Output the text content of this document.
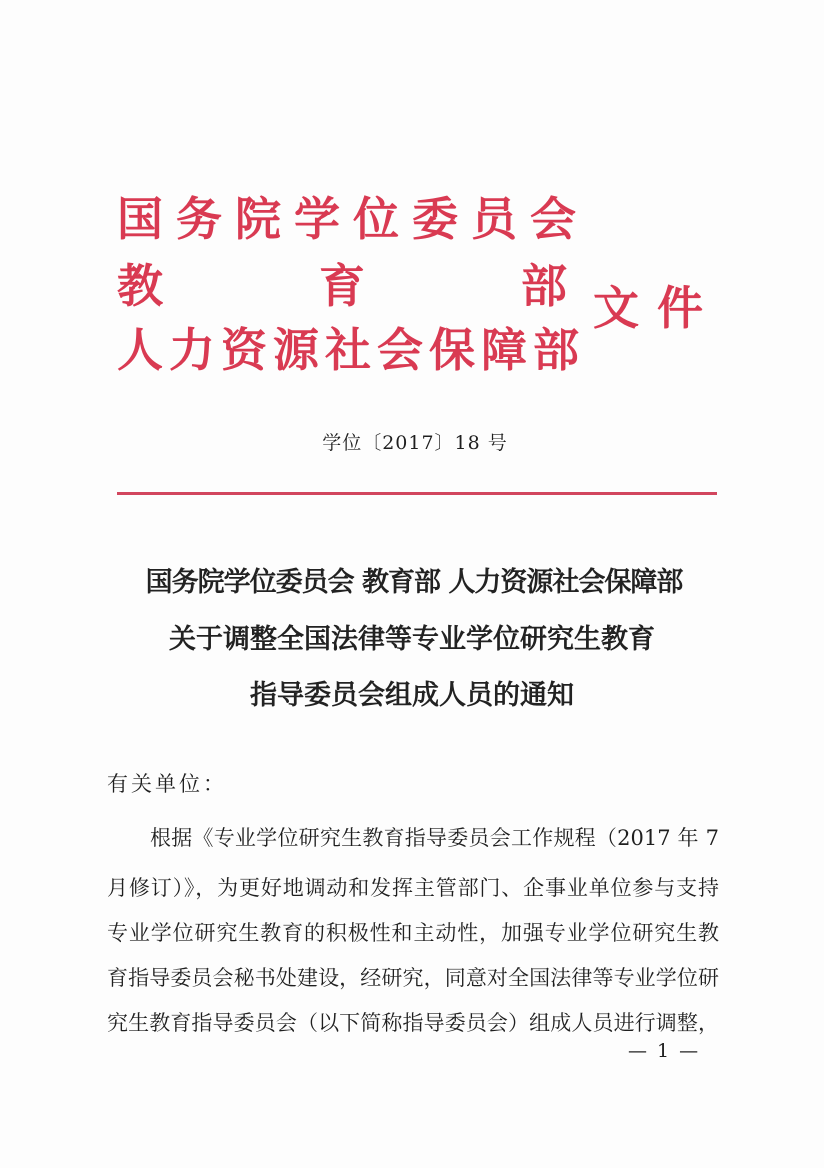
国务院学位委员会
教	育	部
人力资源社会保障部
文件
学位〔2017〕18 号
国务院学位委员会 教育部 人力资源社会保障部
关于调整全国法律等专业学位研究生教育
指导委员会组成人员的通知
有关单位：
根据《专业学位研究生教育指导委员会工作规程（2017 年 7
月修订）》，为更好地调动和发挥主管部门、企事业单位参与支持
专业学位研究生教育的积极性和主动性，加强专业学位研究生教
育指导委员会秘书处建设，经研究，同意对全国法律等专业学位研
究生教育指导委员会（以下简称指导委员会）组成人员进行调整，
— 1 —
